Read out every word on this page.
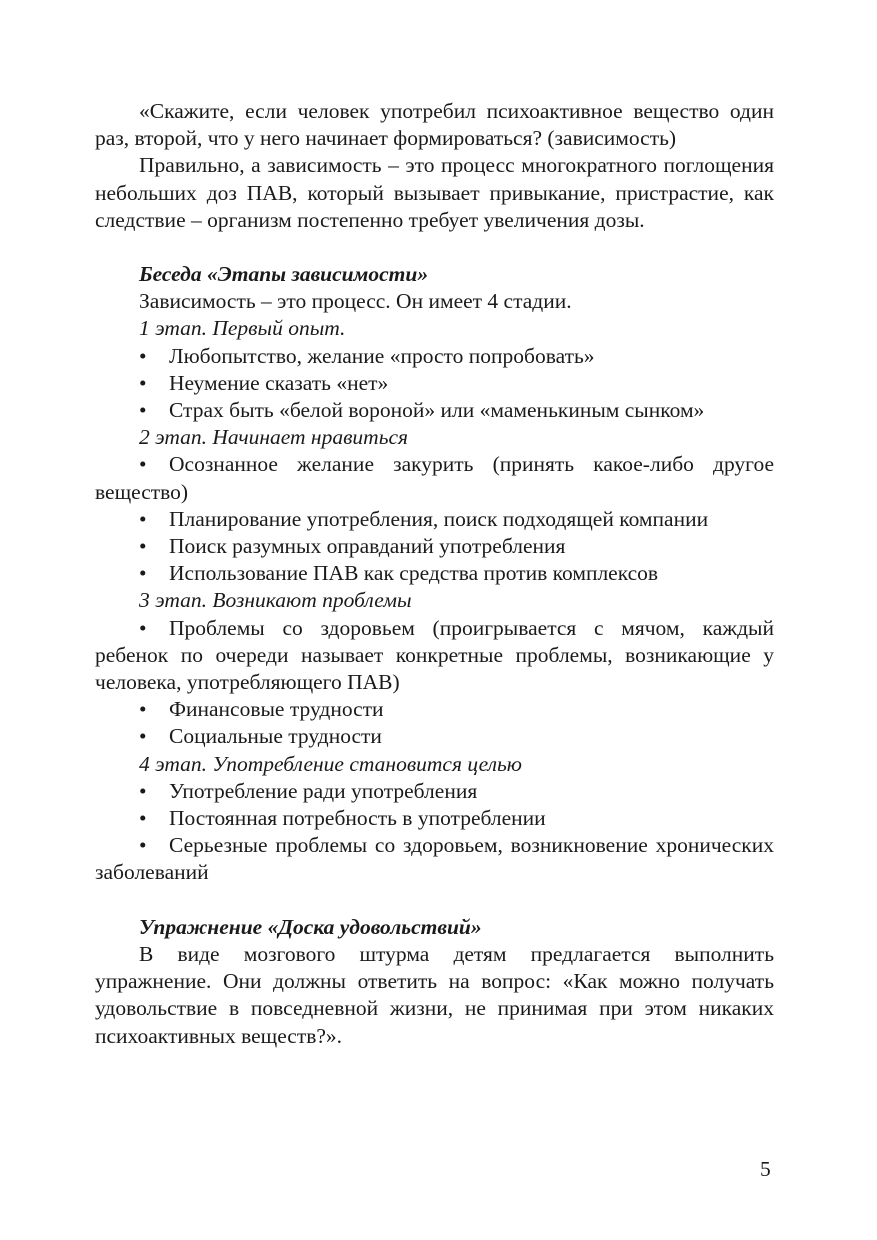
«Скажите, если человек употребил психоактивное вещество один раз, второй, что у него начинает формироваться? (зависимость)

Правильно, а зависимость – это процесс многократного поглощения небольших доз ПАВ, который вызывает привыкание, пристрастие, как следствие – организм постепенно требует увеличения дозы.

Беседа «Этапы зависимости»

Зависимость – это процесс. Он имеет 4 стадии.

1 этап. Первый опыт.

• Любопытство, желание «просто попробовать»

• Неумение сказать «нет»

• Страх быть «белой вороной» или «маменькиным сынком»

2 этап. Начинает нравиться

• Осознанное желание закурить (принять какое-либо другое вещество)

• Планирование употребления, поиск подходящей компании

• Поиск разумных оправданий употребления

• Использование ПАВ как средства против комплексов

3 этап. Возникают проблемы

• Проблемы со здоровьем (проигрывается с мячом, каждый ребенок по очереди называет конкретные проблемы, возникающие у человека, употребляющего ПАВ)

• Финансовые трудности

• Социальные трудности

4 этап. Употребление становится целью

• Употребление ради употребления

• Постоянная потребность в употреблении

• Серьезные проблемы со здоровьем, возникновение хронических заболеваний

Упражнение «Доска удовольствий»

В виде мозгового штурма детям предлагается выполнить упражнение. Они должны ответить на вопрос: «Как можно получать удовольствие в повседневной жизни, не принимая при этом никаких психоактивных веществ?».

5
